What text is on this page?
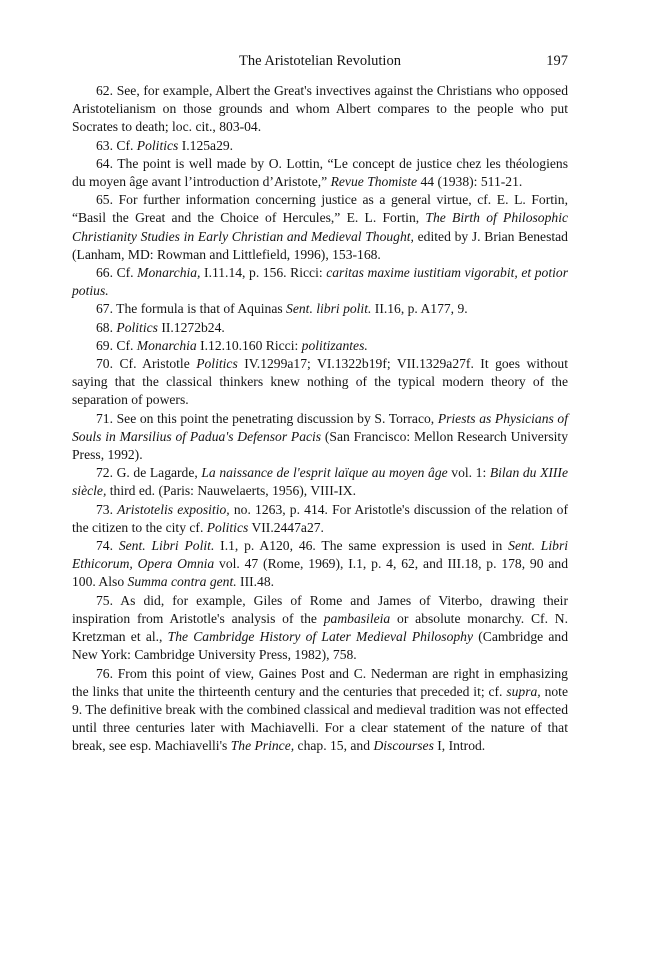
The Aristotelian Revolution	197

62. See, for example, Albert the Great's invectives against the Christians who opposed Aristotelianism on those grounds and whom Albert compares to the people who put Socrates to death; loc. cit., 803-04.

63. Cf. Politics I.125a29.

64. The point is well made by O. Lottin, “Le concept de justice chez les théologiens du moyen âge avant l’introduction d’Aristote,” Revue Thomiste 44 (1938): 511-21.

65. For further information concerning justice as a general virtue, cf. E. L. Fortin, “Basil the Great and the Choice of Hercules,” E. L. Fortin, The Birth of Philosophic Christianity Studies in Early Christian and Medieval Thought, edited by J. Brian Benestad (Lanham, MD: Rowman and Littlefield, 1996), 153-168.

66. Cf. Monarchia, I.11.14, p. 156. Ricci: caritas maxime iustitiam vigorabit, et potior potius.

67. The formula is that of Aquinas Sent. libri polit. II.16, p. A177, 9.

68. Politics II.1272b24.

69. Cf. Monarchia I.12.10.160 Ricci: politizantes.

70. Cf. Aristotle Politics IV.1299a17; VI.1322b19f; VII.1329a27f. It goes without saying that the classical thinkers knew nothing of the typical modern theory of the separation of powers.

71. See on this point the penetrating discussion by S. Torraco, Priests as Physicians of Souls in Marsilius of Padua's Defensor Pacis (San Francisco: Mellon Research University Press, 1992).

72. G. de Lagarde, La naissance de l'esprit laïque au moyen âge vol. 1: Bilan du XIIIe siècle, third ed. (Paris: Nauwelaerts, 1956), VIII-IX.

73. Aristotelis expositio, no. 1263, p. 414. For Aristotle's discussion of the relation of the citizen to the city cf. Politics VII.2447a27.

74. Sent. Libri Polit. I.1, p. A120, 46. The same expression is used in Sent. Libri Ethicorum, Opera Omnia vol. 47 (Rome, 1969), I.1, p. 4, 62, and III.18, p. 178, 90 and 100. Also Summa contra gent. III.48.

75. As did, for example, Giles of Rome and James of Viterbo, drawing their inspiration from Aristotle's analysis of the pambasileia or absolute monarchy. Cf. N. Kretzman et al., The Cambridge History of Later Medieval Philosophy (Cambridge and New York: Cambridge University Press, 1982), 758.

76. From this point of view, Gaines Post and C. Nederman are right in emphasizing the links that unite the thirteenth century and the centuries that preceded it; cf. supra, note 9. The definitive break with the combined classical and medieval tradition was not effected until three centuries later with Machiavelli. For a clear statement of the nature of that break, see esp. Machiavelli's The Prince, chap. 15, and Discourses I, Introd.
